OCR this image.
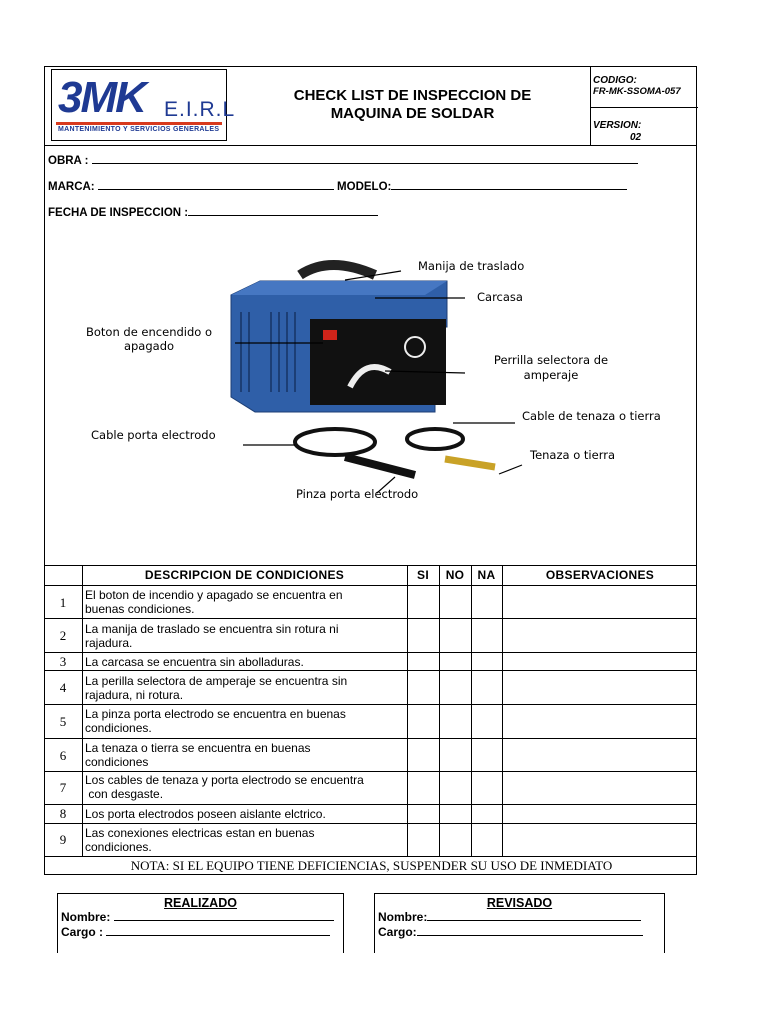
3MK E.I.R.L
MANTENIMIENTO Y SERVICIOS GENERALES
CHECK LIST DE INSPECCION DE
MAQUINA DE SOLDAR
CODIGO:
FR-MK-SSOMA-057
VERSION:
02
OBRA :
MARCA:	MODELO:
FECHA DE INSPECCION :
Manija de traslado
Carcasa
Boton de encendido o
apagado
Perrilla selectora de
amperaje
Cable de tenaza o tierra
Cable porta electrodo
Tenaza o tierra
Pinza porta electrodo
DESCRIPCION DE CONDICIONES	SI	NO	NA	OBSERVACIONES
1	El boton de incendio y apagado se encuentra en
buenas condiciones.
2	La manija de traslado se encuentra sin rotura ni
rajadura.
3	La carcasa se encuentra sin abolladuras.
4	La perilla selectora de amperaje se encuentra sin
rajadura, ni rotura.
5	La pinza porta electrodo se encuentra en buenas
condiciones.
6	La tenaza o tierra se encuentra en buenas
condiciones
7	Los cables de tenaza y porta electrodo se encuentra
con desgaste.
8	Los porta electrodos poseen aislante elctrico.
9	Las conexiones electricas estan en buenas
condiciones.
NOTA: SI EL EQUIPO TIENE DEFICIENCIAS, SUSPENDER SU USO DE INMEDIATO
REALIZADO
Nombre:
Cargo :
REVISADO
Nombre:
Cargo:
